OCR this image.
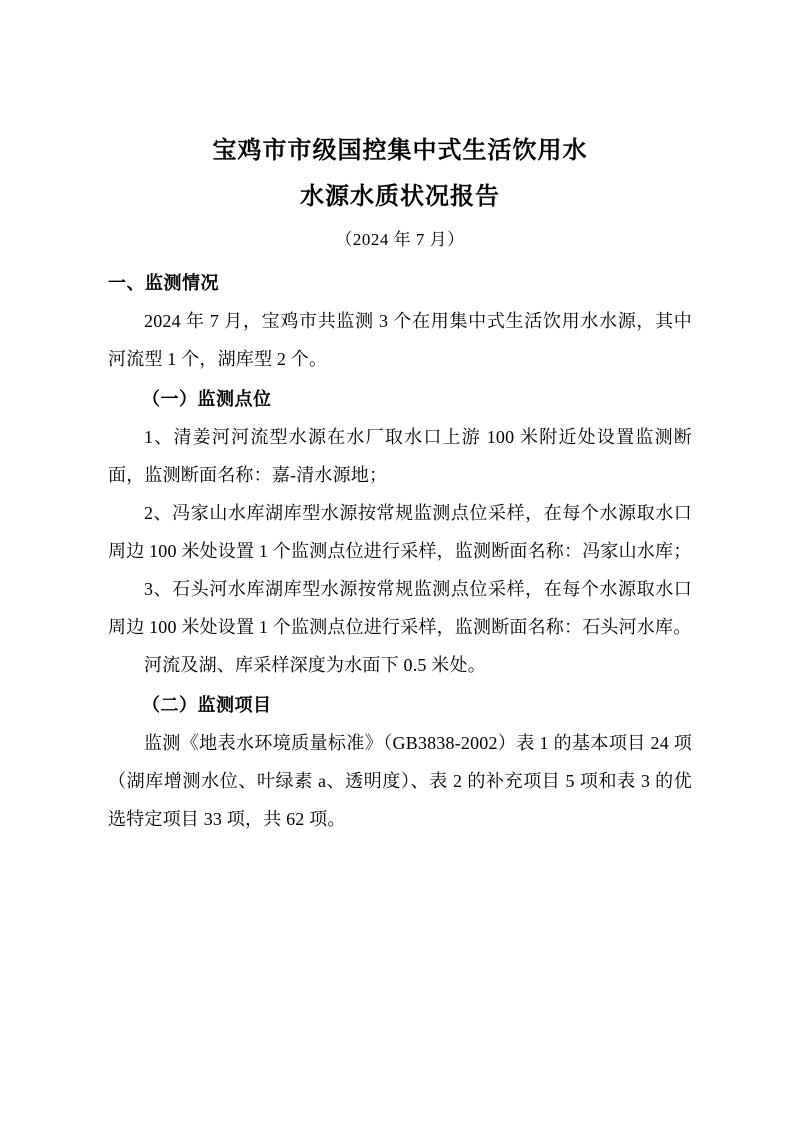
宝鸡市市级国控集中式生活饮用水
水源水质状况报告
（2024 年 7 月）
一、监测情况

2024 年 7 月，宝鸡市共监测 3 个在用集中式生活饮用水水源，其中河流型 1 个，湖库型 2 个。

（一）监测点位

1、清姜河河流型水源在水厂取水口上游 100 米附近处设置监测断面，监测断面名称：嘉-清水源地；

2、冯家山水库湖库型水源按常规监测点位采样，在每个水源取水口周边 100 米处设置 1 个监测点位进行采样，监测断面名称：冯家山水库；

3、石头河水库湖库型水源按常规监测点位采样，在每个水源取水口周边 100 米处设置 1 个监测点位进行采样，监测断面名称：石头河水库。

河流及湖、库采样深度为水面下 0.5 米处。

（二）监测项目

监测《地表水环境质量标准》（GB3838-2002）表 1 的基本项目 24 项（湖库增测水位、叶绿素 a、透明度）、表 2 的补充项目 5 项和表 3 的优选特定项目 33 项，共 62 项。
